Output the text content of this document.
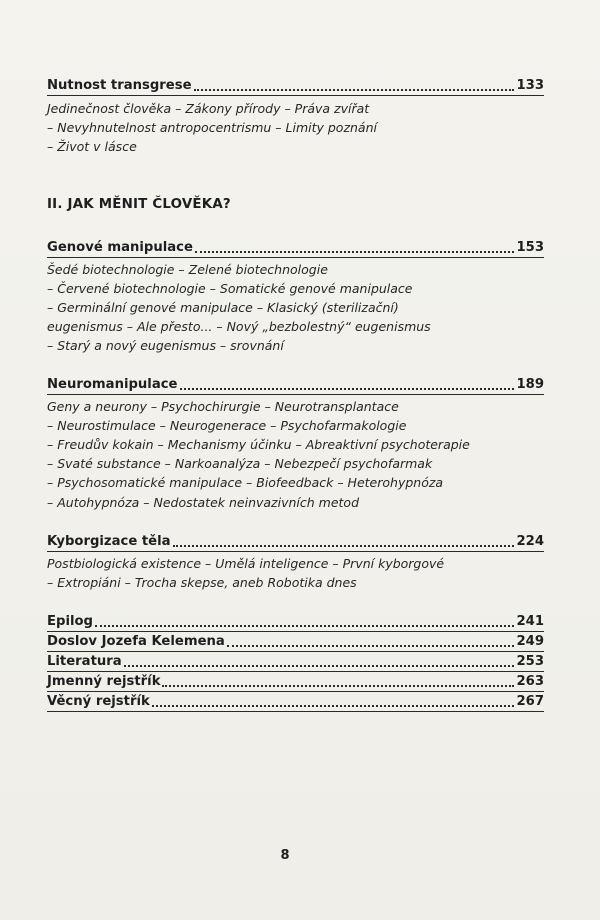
Nutnost transgrese	133
Jedinečnost člověka – Zákony přírody – Práva zvířat
– Nevyhnutelnost antropocentrismu – Limity poznání
– Život v lásce
II. JAK MĚNIT ČLOVĚKA?
Genové manipulace	153
Šedé biotechnologie – Zelené biotechnologie
– Červené biotechnologie – Somatické genové manipulace
– Germinální genové manipulace – Klasický (sterilizační)
eugenismus – Ale přesto... – Nový „bezbolestný“ eugenismus
– Starý a nový eugenismus – srovnání
Neuromanipulace	189
Geny a neurony – Psychochirurgie – Neurotransplantace
– Neurostimulace – Neurogenerace – Psychofarmakologie
– Freudův kokain – Mechanismy účinku – Abreaktivní psychoterapie
– Svaté substance – Narkoanalýza – Nebezpečí psychofarmak
– Psychosomatické manipulace – Biofeedback – Heterohypnóza
– Autohypnóza – Nedostatek neinvazivních metod
Kyborgizace těla	224
Postbiologická existence – Umělá inteligence – První kyborgové
– Extropiáni – Trocha skepse, aneb Robotika dnes
Epilog	241
Doslov Jozefa Kelemena	249
Literatura	253
Jmenný rejstřík	263
Věcný rejstřík	267
8
